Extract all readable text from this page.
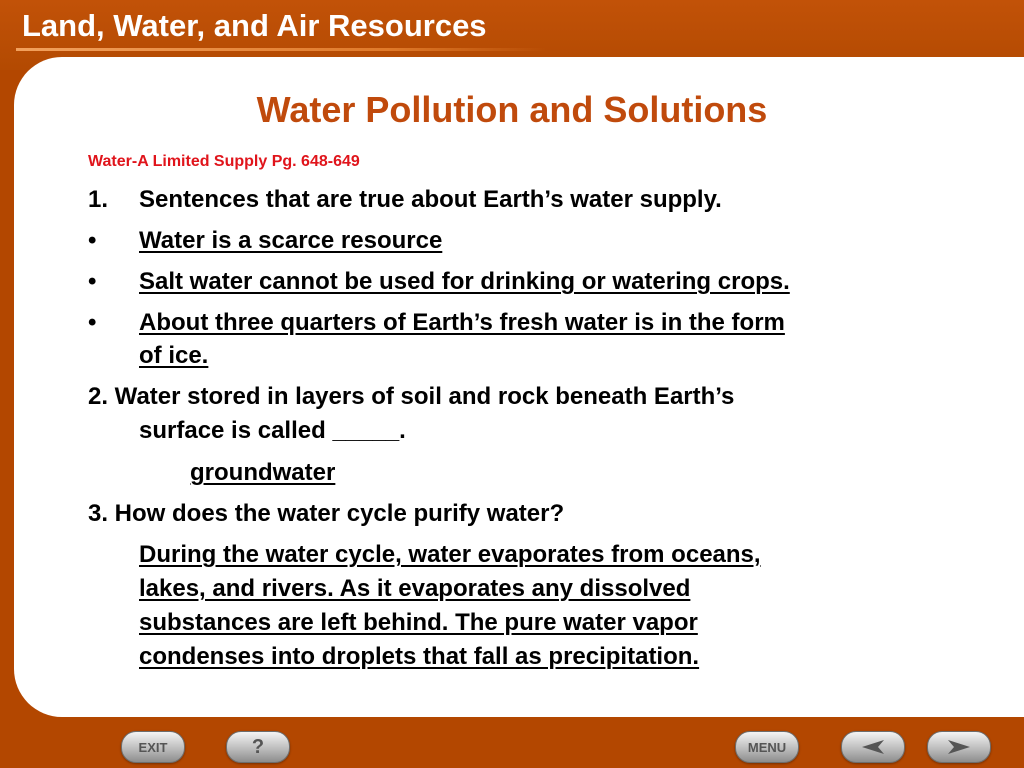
Land, Water, and Air Resources
Water Pollution and Solutions
Water-A Limited Supply Pg. 648-649
1. Sentences that are true about Earth’s water supply.
• Water is a scarce resource
• Salt water cannot be used for drinking or watering crops.
• About three quarters of Earth’s fresh water is in the form
of ice.
2. Water stored in layers of soil and rock beneath Earth’s
surface is called _____.
groundwater
3. How does the water cycle purify water?
During the water cycle, water evaporates from oceans,
lakes, and rivers. As it evaporates any dissolved
substances are left behind. The pure water vapor
condenses into droplets that fall as precipitation.
EXIT	?	MENU
